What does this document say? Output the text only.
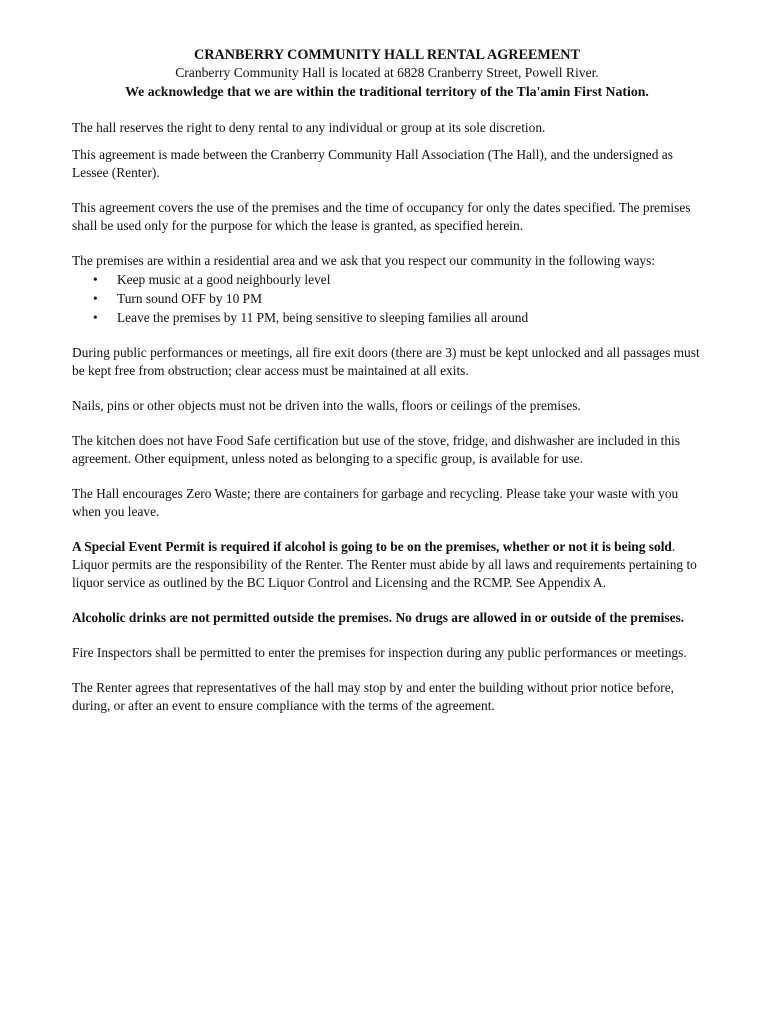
CRANBERRY COMMUNITY HALL RENTAL AGREEMENT

Cranberry Community Hall is located at 6828 Cranberry Street, Powell River.

We acknowledge that we are within the traditional territory of the Tla'amin First Nation.

The hall reserves the right to deny rental to any individual or group at its sole discretion.

This agreement is made between the Cranberry Community Hall Association (The Hall), and the undersigned as Lessee (Renter).

This agreement covers the use of the premises and the time of occupancy for only the dates specified. The premises shall be used only for the purpose for which the lease is granted, as specified herein.

The premises are within a residential area and we ask that you respect our community in the following ways:

• Keep music at a good neighbourly level
• Turn sound OFF by 10 PM
• Leave the premises by 11 PM, being sensitive to sleeping families all around

During public performances or meetings, all fire exit doors (there are 3) must be kept unlocked and all passages must be kept free from obstruction; clear access must be maintained at all exits.

Nails, pins or other objects must not be driven into the walls, floors or ceilings of the premises.

The kitchen does not have Food Safe certification but use of the stove, fridge, and dishwasher are included in this agreement. Other equipment, unless noted as belonging to a specific group, is available for use.

The Hall encourages Zero Waste; there are containers for garbage and recycling. Please take your waste with you when you leave.

A Special Event Permit is required if alcohol is going to be on the premises, whether or not it is being sold. Liquor permits are the responsibility of the Renter. The Renter must abide by all laws and requirements pertaining to liquor service as outlined by the BC Liquor Control and Licensing and the RCMP. See Appendix A.

Alcoholic drinks are not permitted outside the premises. No drugs are allowed in or outside of the premises.

Fire Inspectors shall be permitted to enter the premises for inspection during any public performances or meetings.

The Renter agrees that representatives of the hall may stop by and enter the building without prior notice before, during, or after an event to ensure compliance with the terms of the agreement.
